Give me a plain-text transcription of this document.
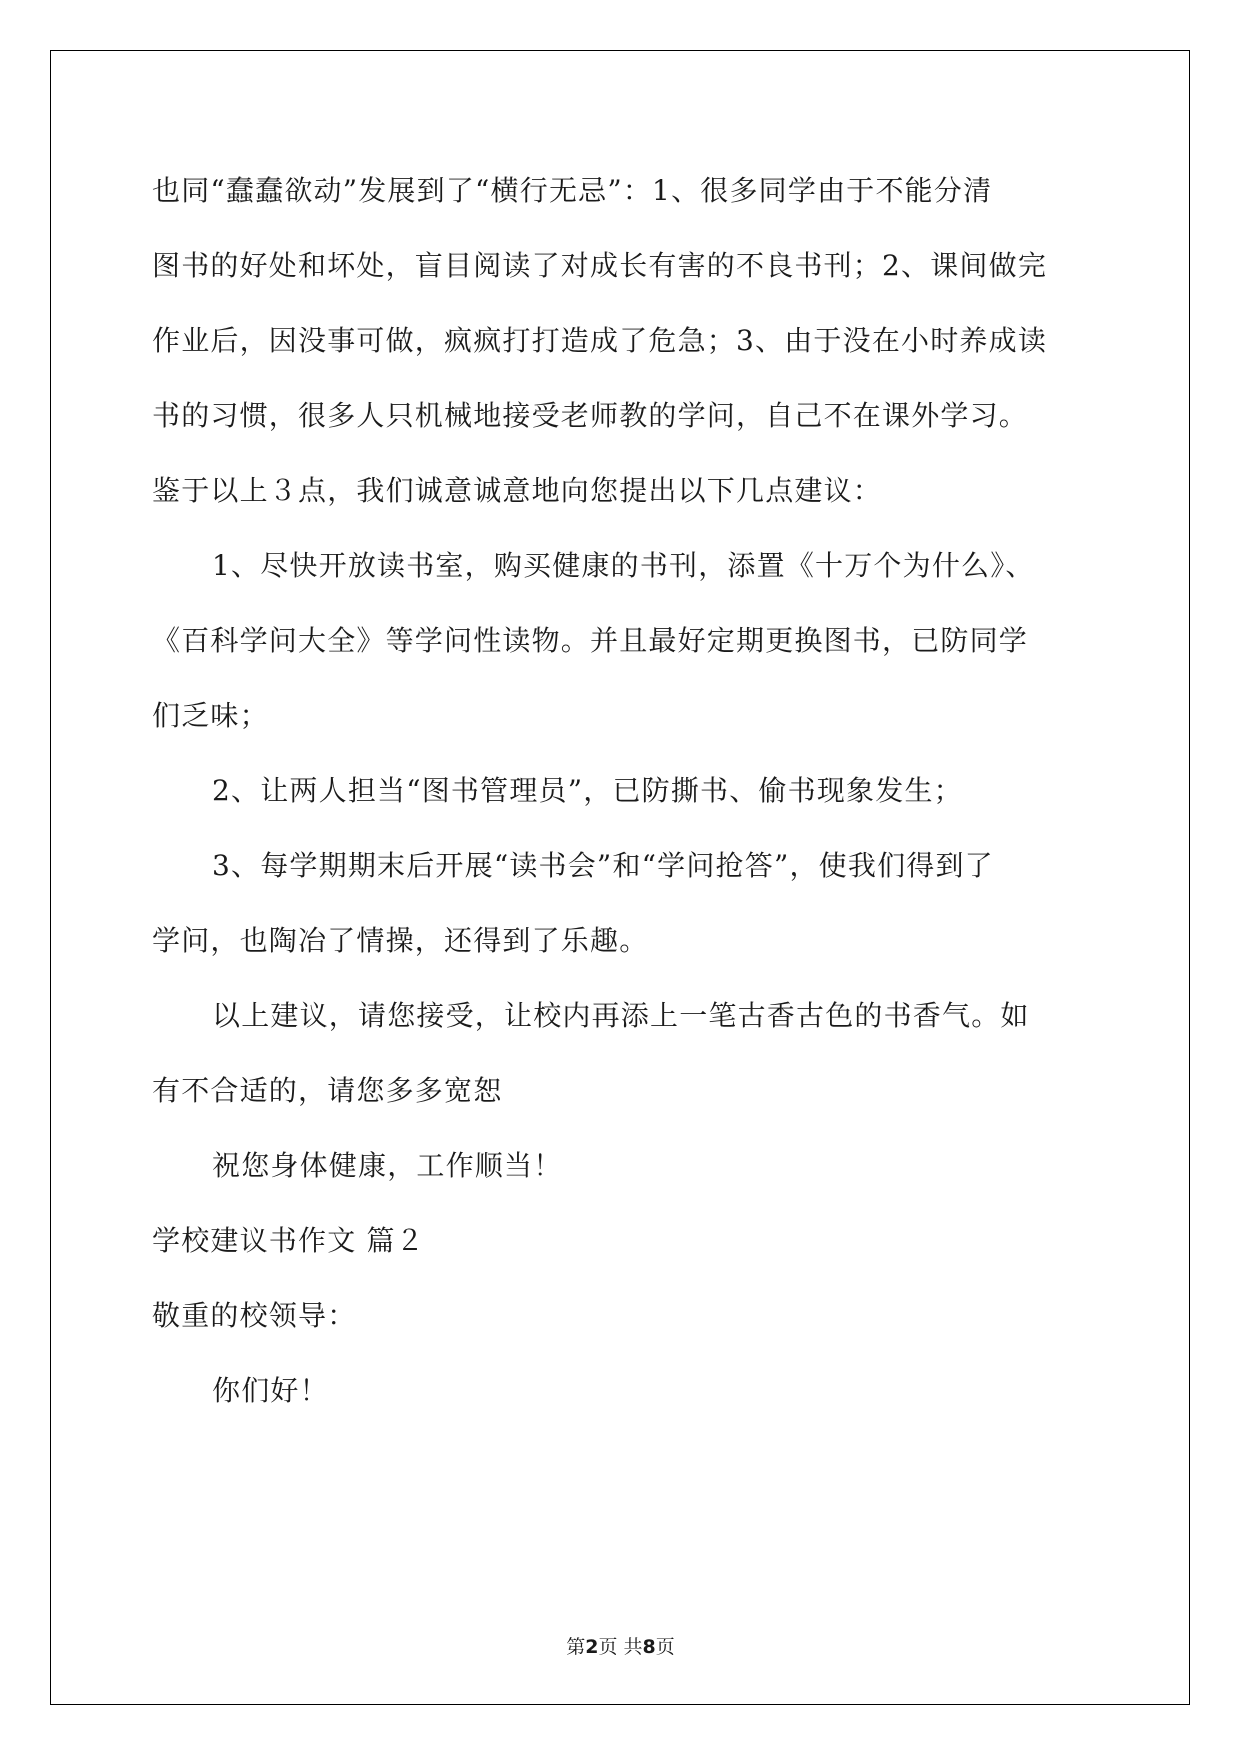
也同“蠢蠢欲动”发展到了“横行无忌”：1、很多同学由于不能分清
图书的好处和坏处，盲目阅读了对成长有害的不良书刊；2、课间做完
作业后，因没事可做，疯疯打打造成了危急；3、由于没在小时养成读
书的习惯，很多人只机械地接受老师教的学问，自己不在课外学习。
鉴于以上３点，我们诚意诚意地向您提出以下几点建议：
1、尽快开放读书室，购买健康的书刊，添置《十万个为什么》、
《百科学问大全》等学问性读物。并且最好定期更换图书，已防同学
们乏味；
2、让两人担当“图书管理员”，已防撕书、偷书现象发生；
3、每学期期末后开展“读书会”和“学问抢答”，使我们得到了
学问，也陶冶了情操，还得到了乐趣。
以上建议，请您接受，让校内再添上一笔古香古色的书香气。如
有不合适的，请您多多宽恕
祝您身体健康，工作顺当！
学校建议书作文 篇２
敬重的校领导：
你们好！
第2页 共8页
